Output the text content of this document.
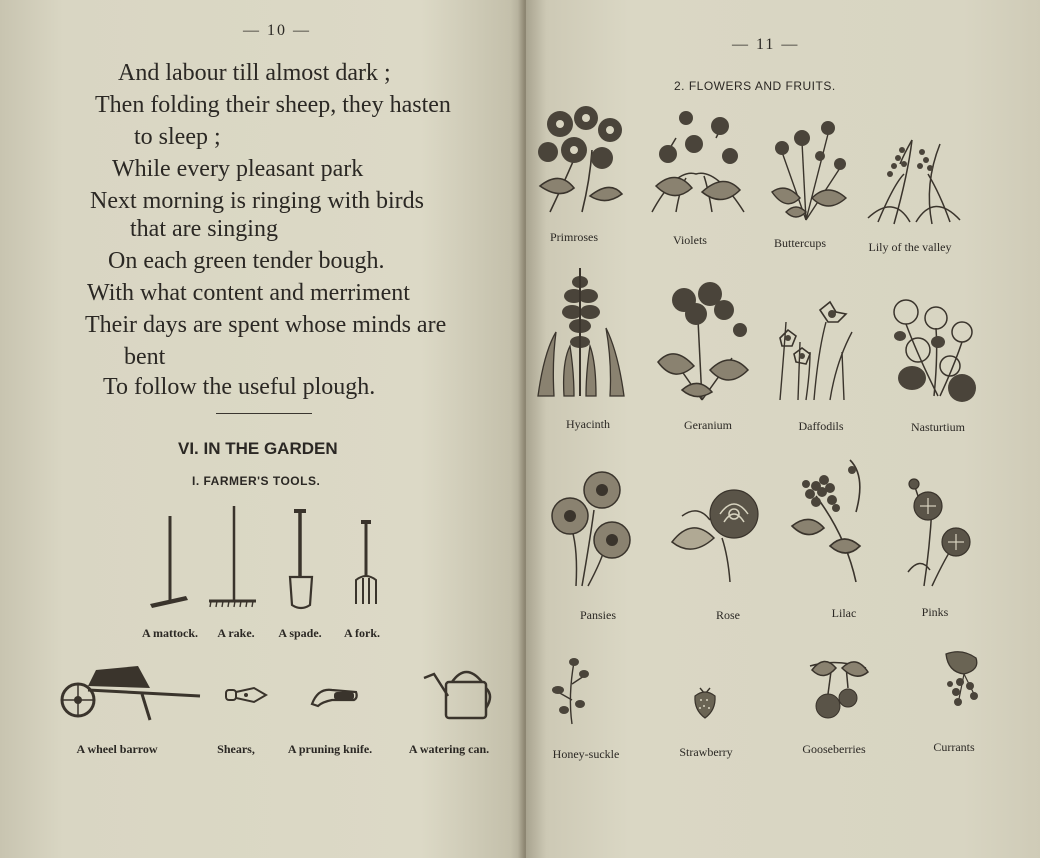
— 10 —
And labour till almost dark ;
Then folding their sheep, they hasten
to sleep ;
While every pleasant park
Next morning is ringing with birds
that are singing
On each green tender bough.
With what content and merriment
Their days are spent whose minds are
bent
To follow the useful plough.
VI. IN THE GARDEN
I. FARMER'S TOOLS.
A mattock. A rake. A spade. A fork.
A wheel barrow	Shears,	A pruning knife.	A watering can.
— 11 —
2. FLOWERS AND FRUITS.
Primroses	Violets	Buttercups	Lily of the valley
Hyacinth	Geranium	Daffodils	Nasturtium
Pansies	Rose	Lilac	Pinks
Honey-suckle	Strawberry	Gooseberries	Currants
